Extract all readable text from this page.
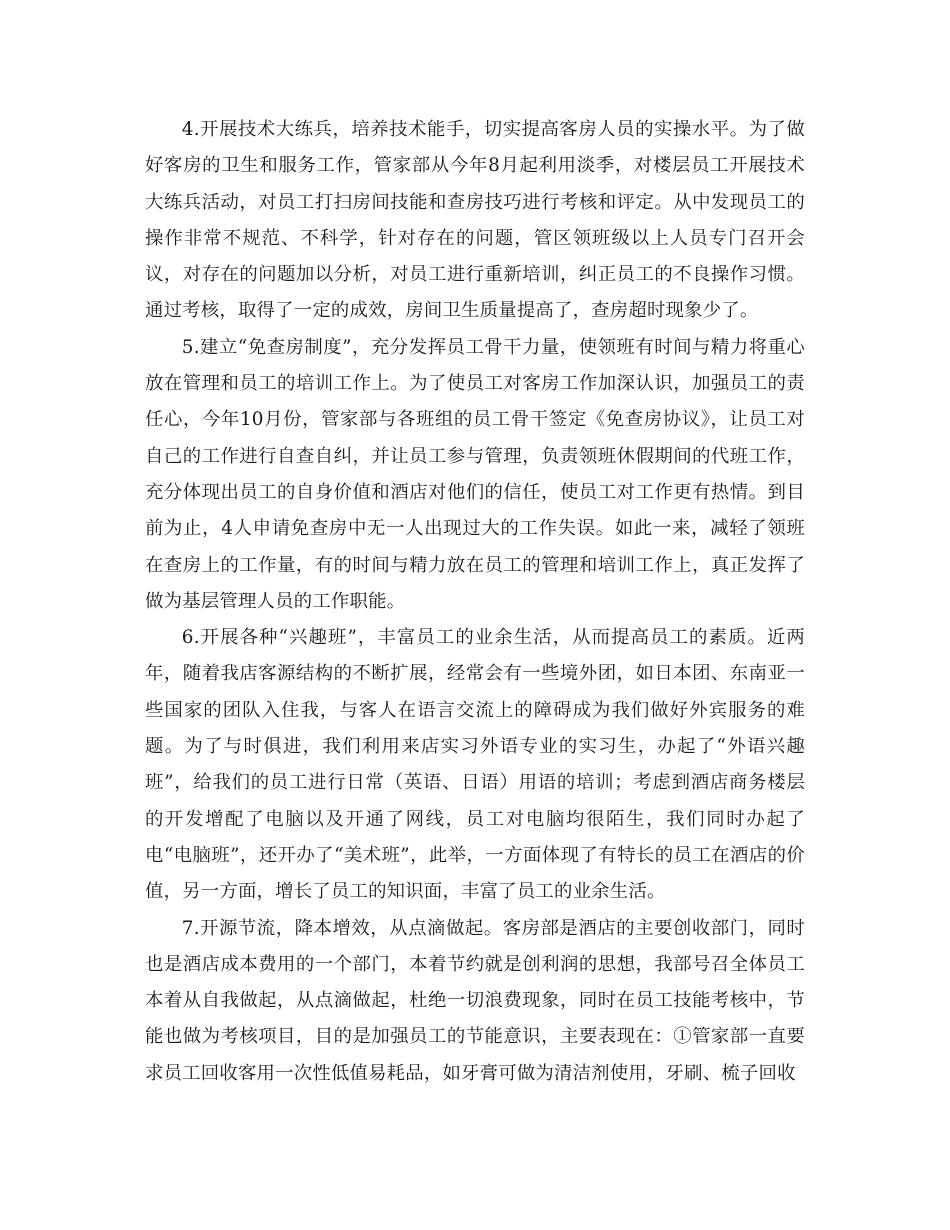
4.开展技术大练兵，培养技术能手，切实提高客房人员的实操水平。为了做好客房的卫生和服务工作，管家部从今年8月起利用淡季，对楼层员工开展技术大练兵活动，对员工打扫房间技能和查房技巧进行考核和评定。从中发现员工的操作非常不规范、不科学，针对存在的问题，管区领班级以上人员专门召开会议，对存在的问题加以分析，对员工进行重新培训，纠正员工的不良操作习惯。通过考核，取得了一定的成效，房间卫生质量提高了，查房超时现象少了。

5.建立“免查房制度”，充分发挥员工骨干力量，使领班有时间与精力将重心放在管理和员工的培训工作上。为了使员工对客房工作加深认识，加强员工的责任心，今年10月份，管家部与各班组的员工骨干签定《免查房协议》，让员工对自己的工作进行自查自纠，并让员工参与管理，负责领班休假期间的代班工作，充分体现出员工的自身价值和酒店对他们的信任，使员工对工作更有热情。到目前为止，4人申请免查房中无一人出现过大的工作失误。如此一来，减轻了领班在查房上的工作量，有的时间与精力放在员工的管理和培训工作上，真正发挥了做为基层管理人员的工作职能。

6.开展各种“兴趣班”，丰富员工的业余生活，从而提高员工的素质。近两年，随着我店客源结构的不断扩展，经常会有一些境外团，如日本团、东南亚一些国家的团队入住我，与客人在语言交流上的障碍成为我们做好外宾服务的难题。为了与时俱进，我们利用来店实习外语专业的实习生，办起了“外语兴趣班”，给我们的员工进行日常（英语、日语）用语的培训；考虑到酒店商务楼层的开发增配了电脑以及开通了网线，员工对电脑均很陌生，我们同时办起了电“电脑班”，还开办了“美术班”，此举，一方面体现了有特长的员工在酒店的价值，另一方面，增长了员工的知识面，丰富了员工的业余生活。

7.开源节流，降本增效，从点滴做起。客房部是酒店的主要创收部门，同时也是酒店成本费用的一个部门，本着节约就是创利润的思想，我部号召全体员工本着从自我做起，从点滴做起，杜绝一切浪费现象，同时在员工技能考核中，节能也做为考核项目，目的是加强员工的节能意识，主要表现在：①管家部一直要求员工回收客用一次性低值易耗品，如牙膏可做为清洁剂使用，牙刷、梳子回收
